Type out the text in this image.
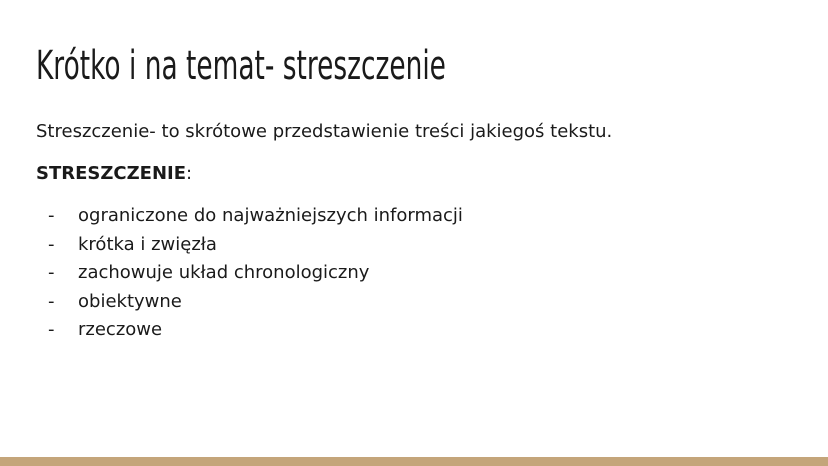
Krótko i na temat- streszczenie

Streszczenie- to skrótowe przedstawienie treści jakiegoś tekstu.

STRESZCZENIE:

- ograniczone do najważniejszych informacji
- krótka i zwięzła
- zachowuje układ chronologiczny
- obiektywne
- rzeczowe
